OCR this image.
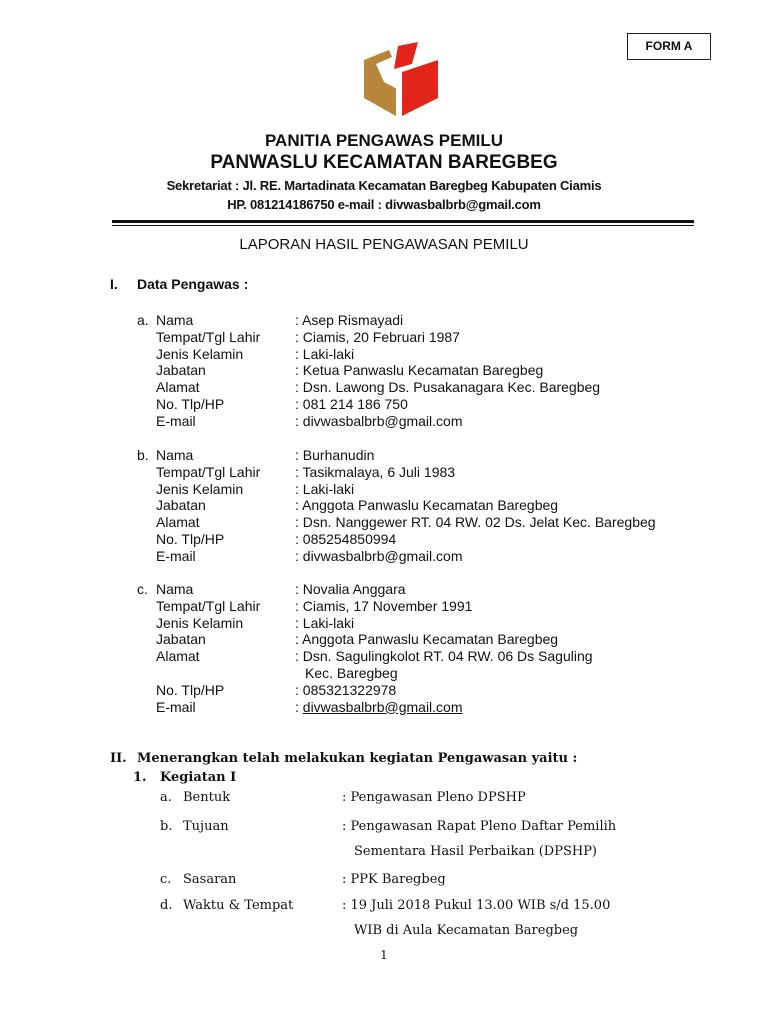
FORM A
PANITIA PENGAWAS PEMILU
PANWASLU KECAMATAN BAREGBEG
Sekretariat : Jl. RE. Martadinata Kecamatan Baregbeg Kabupaten Ciamis
HP. 081214186750 e-mail : divwasbalbrb@gmail.com
LAPORAN HASIL PENGAWASAN PEMILU
I. Data Pengawas :
a. Nama	: Asep Rismayadi
Tempat/Tgl Lahir : Ciamis, 20 Februari 1987
Jenis Kelamin	: Laki-laki
Jabatan	: Ketua Panwaslu Kecamatan Baregbeg
Alamat	: Dsn. Lawong Ds. Pusakanagara Kec. Baregbeg
No. Tlp/HP	: 081 214 186 750
E-mail	: divwasbalbrb@gmail.com
b. Nama	: Burhanudin
Tempat/Tgl Lahir : Tasikmalaya, 6 Juli 1983
Jenis Kelamin	: Laki-laki
Jabatan	: Anggota Panwaslu Kecamatan Baregbeg
Alamat	: Dsn. Nanggewer RT. 04 RW. 02 Ds. Jelat Kec. Baregbeg
No. Tlp/HP	: 085254850994
E-mail	: divwasbalbrb@gmail.com
c. Nama	: Novalia Anggara
Tempat/Tgl Lahir : Ciamis, 17 November 1991
Jenis Kelamin	: Laki-laki
Jabatan	: Anggota Panwaslu Kecamatan Baregbeg
Alamat	: Dsn. Sagulingkolot RT. 04 RW. 06 Ds Saguling
Kec. Baregbeg
No. Tlp/HP	: 085321322978
E-mail	: divwasbalbrb@gmail.com
II. Menerangkan telah melakukan kegiatan Pengawasan yaitu :
1. Kegiatan I
a. Bentuk	: Pengawasan Pleno DPSHP
b. Tujuan	: Pengawasan Rapat Pleno Daftar Pemilih
Sementara Hasil Perbaikan (DPSHP)
c. Sasaran	: PPK Baregbeg
d. Waktu & Tempat	: 19 Juli 2018 Pukul 13.00 WIB s/d 15.00
WIB di Aula Kecamatan Baregbeg
1
